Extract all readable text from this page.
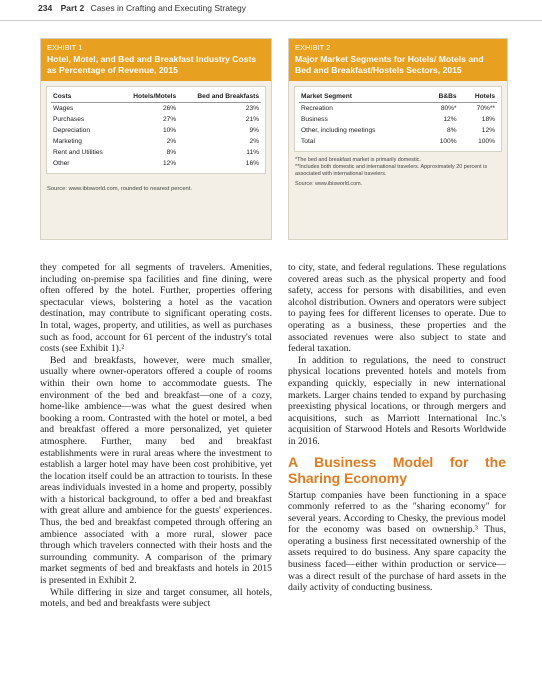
234 Part 2 Cases in Crafting and Executing Strategy
EXHIBIT 1
Hotel, Motel, and Bed and Breakfast Industry Costs as Percentage of Revenue, 2015
Costs	Hotels/Motels	Bed and Breakfasts
Wages	26%	23%
Purchases	27%	21%
Depreciation	10%	9%
Marketing	2%	2%
Rent and Utilities	8%	11%
Other	12%	16%
Source: www.ibisworld.com, rounded to nearest percent.
EXHIBIT 2
Major Market Segments for Hotels/ Motels and Bed and Breakfast/Hostels Sectors, 2015
Market Segment	B&Bs	Hotels
Recreation	80%*	70%**
Business	12%	18%
Other, including meetings	8%	12%
Total	100%	100%
*The bed and breakfast market is primarily domestic.
**Includes both domestic and international travelers. Approximately 20 percent is associated with international travelers.
Source: www.ibisworld.com.

they competed for all segments of travelers. Amenities, including on-premise spa facilities and fine dining, were often offered by the hotel. Further, properties offering spectacular views, bolstering a hotel as the vacation destination, may contribute to significant operating costs. In total, wages, property, and utilities, as well as purchases such as food, account for 61 percent of the industry's total costs (see Exhibit 1).²

Bed and breakfasts, however, were much smaller, usually where owner-operators offered a couple of rooms within their own home to accommodate guests. The environment of the bed and breakfast—one of a cozy, home-like ambience—was what the guest desired when booking a room. Contrasted with the hotel or motel, a bed and breakfast offered a more personalized, yet quieter atmosphere. Further, many bed and breakfast establishments were in rural areas where the investment to establish a larger hotel may have been cost prohibitive, yet the location itself could be an attraction to tourists. In these areas individuals invested in a home and property, possibly with a historical background, to offer a bed and breakfast with great allure and ambience for the guests' experiences. Thus, the bed and breakfast competed through offering an ambience associated with a more rural, slower pace through which travelers connected with their hosts and the surrounding community. A comparison of the primary market segments of bed and breakfasts and hotels in 2015 is presented in Exhibit 2.

While differing in size and target consumer, all hotels, motels, and bed and breakfasts were subject

to city, state, and federal regulations. These regulations covered areas such as the physical property and food safety, access for persons with disabilities, and even alcohol distribution. Owners and operators were subject to paying fees for different licenses to operate. Due to operating as a business, these properties and the associated revenues were also subject to state and federal taxation.

In addition to regulations, the need to construct physical locations prevented hotels and motels from expanding quickly, especially in new international markets. Larger chains tended to expand by purchasing preexisting physical locations, or through mergers and acquisitions, such as Marriott International Inc.'s acquisition of Starwood Hotels and Resorts Worldwide in 2016.

A Business Model for the Sharing Economy

Startup companies have been functioning in a space commonly referred to as the "sharing economy" for several years. According to Chesky, the previous model for the economy was based on ownership.³ Thus, operating a business first necessitated ownership of the assets required to do business. Any spare capacity the business faced—either within production or service—was a direct result of the purchase of hard assets in the daily activity of conducting business.
